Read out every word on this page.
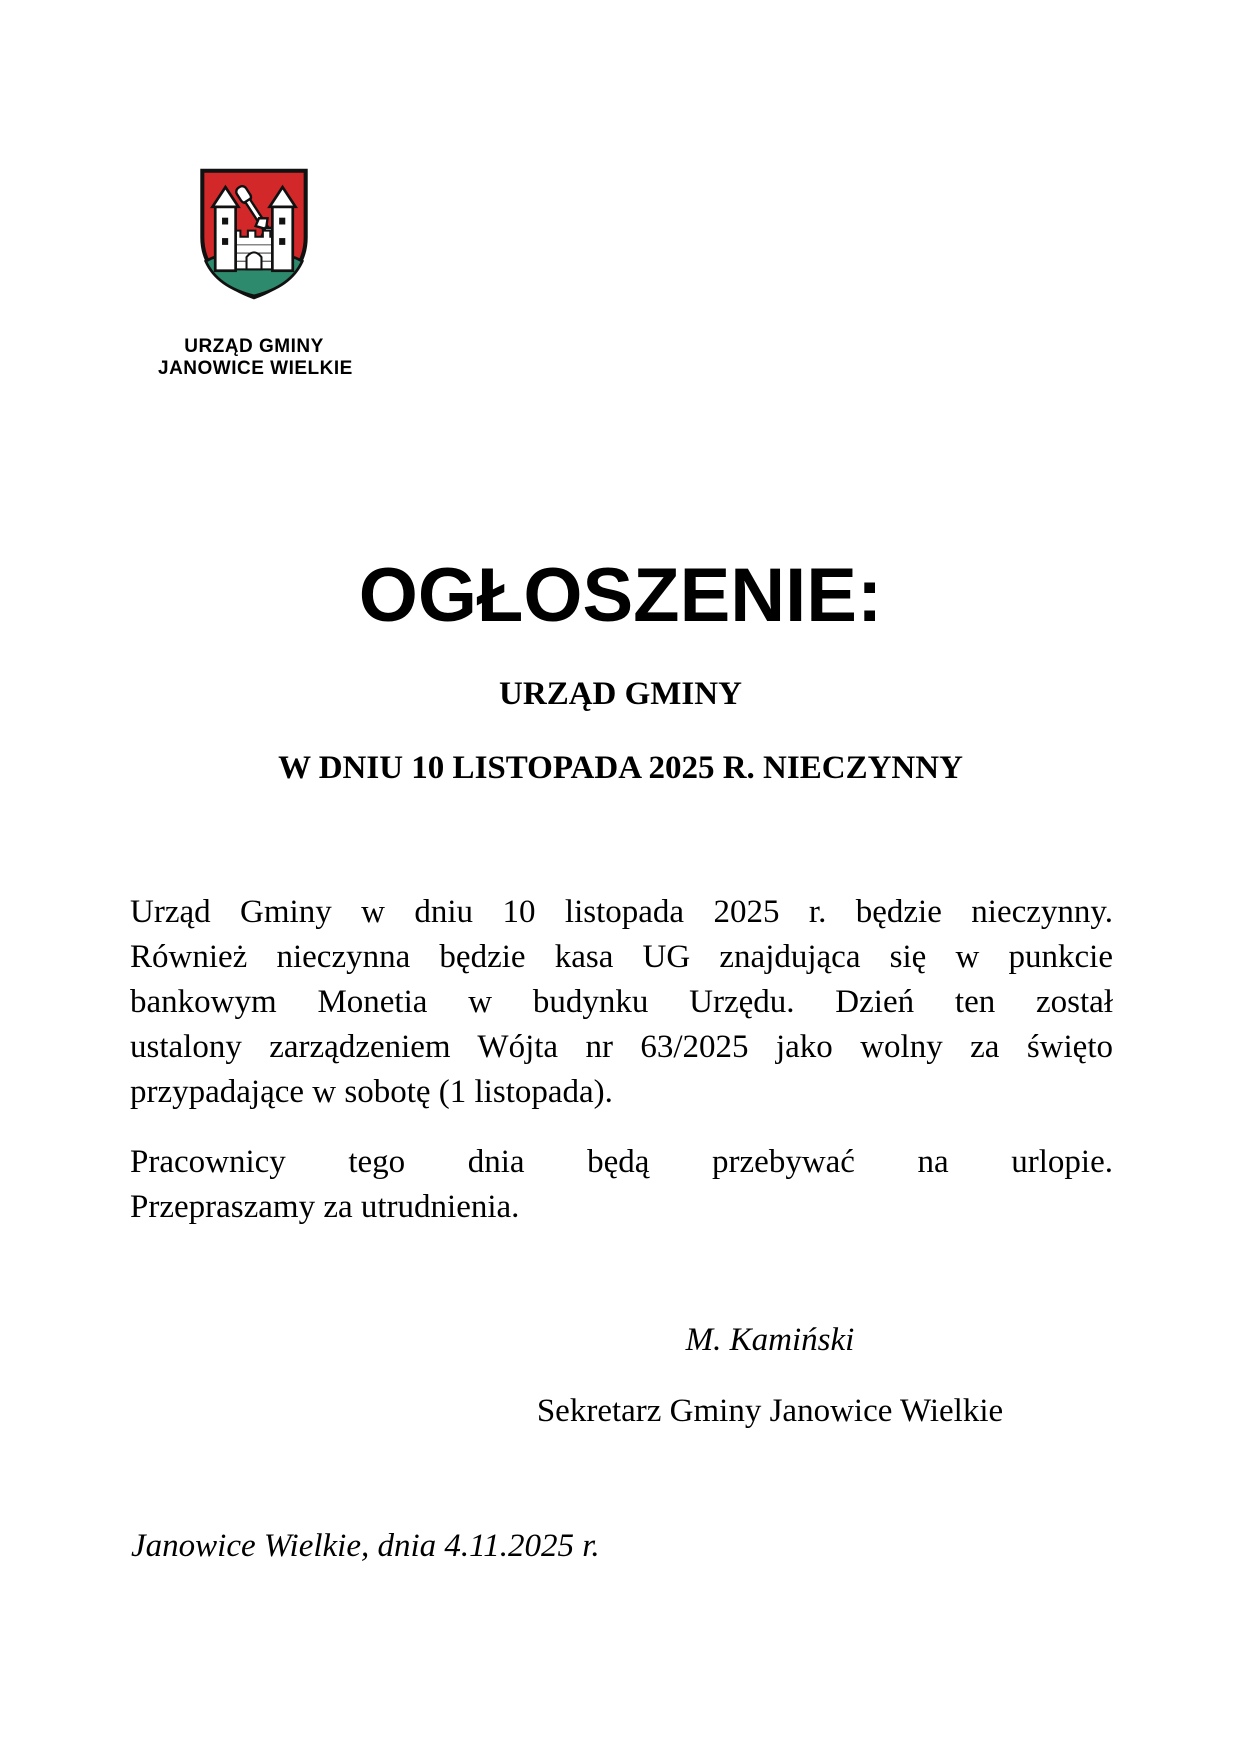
URZĄD GMINY
JANOWICE WIELKIE
OGŁOSZENIE:
URZĄD GMINY
W DNIU 10 LISTOPADA 2025 R. NIECZYNNY
Urząd Gminy w dniu 10 listopada 2025 r. będzie nieczynny.
Również nieczynna będzie kasa UG znajdująca się w punkcie
bankowym Monetia w budynku Urzędu. Dzień ten został
ustalony zarządzeniem Wójta nr 63/2025 jako wolny za święto
przypadające w sobotę (1 listopada).
Pracownicy tego dnia będą przebywać na urlopie.
Przepraszamy za utrudnienia.
M. Kamiński
Sekretarz Gminy Janowice Wielkie
Janowice Wielkie, dnia 4.11.2025 r.
